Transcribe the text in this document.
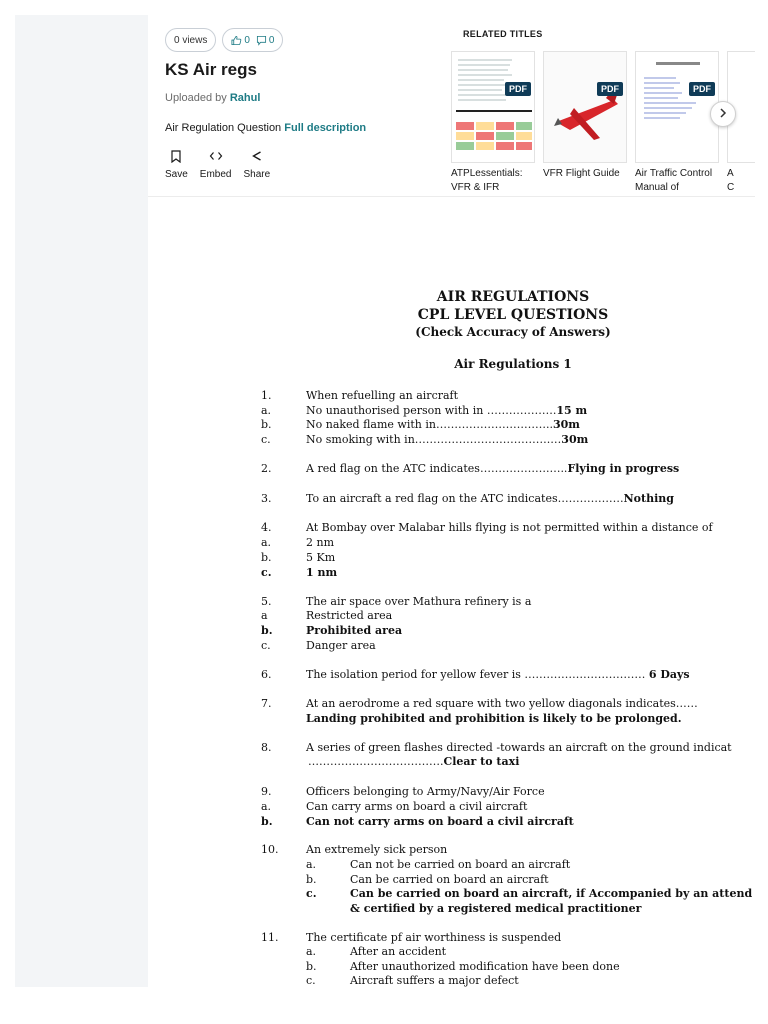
0 views	0 0
KS Air regs
Uploaded by Rahul
Air Regulation Question Full description
Save Embed Share
RELATED TITLES
PDF
ATPLessentials:
VFR & IFR
PDF
VFR Flight Guide
PDF
Air Traffic Control
Manual of
A
C
AIR REGULATIONS
CPL LEVEL QUESTIONS
(Check Accuracy of Answers)
Air Regulations 1
1.	When refuelling an aircraft
a.	No unauthorised person with in ……………….15 m
b.	No naked flame with in…………………………..30m
c.	No smoking with in……………………………….…30m
2.	A red flag on the ATC indicates……………….…..Flying in progress
3.	To an aircraft a red flag on the ATC indicates………………Nothing
4.	At Bombay over Malabar hills flying is not permitted within a distance of
a.	2 nm
b.	5 Km
c.	1 nm
5.	The air space over Mathura refinery is a
a	Restricted area
b.	Prohibited area
c.	Danger area
6.	The isolation period for yellow fever is …………………………… 6 Days
7.	At an aerodrome a red square with two yellow diagonals indicates……
Landing prohibited and prohibition is likely to be prolonged.
8.	A series of green flashes directed -towards an aircraft on the ground indicat
……………………………….Clear to taxi
9.	Officers belonging to Army/Navy/Air Force
a.	Can carry arms on board a civil aircraft
b.	Can not carry arms on board a civil aircraft
10.	An extremely sick person
a.	Can not be carried on board an aircraft
b.	Can be carried on board an aircraft
c.	Can be carried on board an aircraft, if Accompanied by an attend
& certified by a registered medical practitioner
11.	The certificate pf air worthiness is suspended
a.	After an accident
b.	After unauthorized modification have been done
c.	Aircraft suffers a major defect
